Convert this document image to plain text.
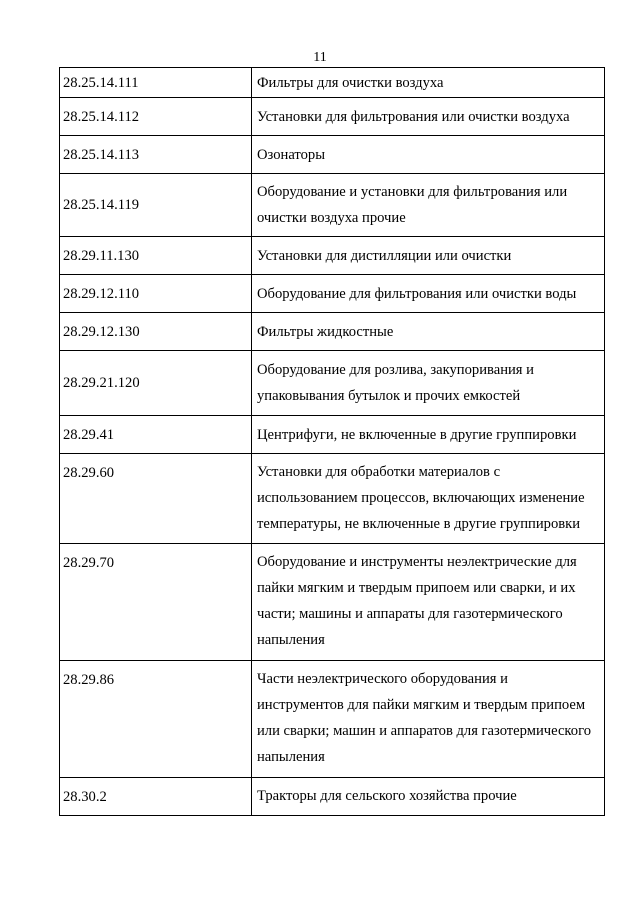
11
28.25.14.111	Фильтры для очистки воздуха
28.25.14.112	Установки для фильтрования или очистки воздуха
28.25.14.113	Озонаторы
28.25.14.119	Оборудование и установки для фильтрования или очистки воздуха прочие
28.29.11.130	Установки для дистилляции или очистки
28.29.12.110	Оборудование для фильтрования или очистки воды
28.29.12.130	Фильтры жидкостные
28.29.21.120	Оборудование для розлива, закупоривания и упаковывания бутылок и прочих емкостей
28.29.41	Центрифуги, не включенные в другие группировки
28.29.60	Установки для обработки материалов с использованием процессов, включающих изменение температуры, не включенные в другие группировки
28.29.70	Оборудование и инструменты неэлектрические для пайки мягким и твердым припоем или сварки, и их части; машины и аппараты для газотермического напыления
28.29.86	Части неэлектрического оборудования и инструментов для пайки мягким и твердым припоем или сварки; машин и аппаратов для газотермического напыления
28.30.2	Тракторы для сельского хозяйства прочие
